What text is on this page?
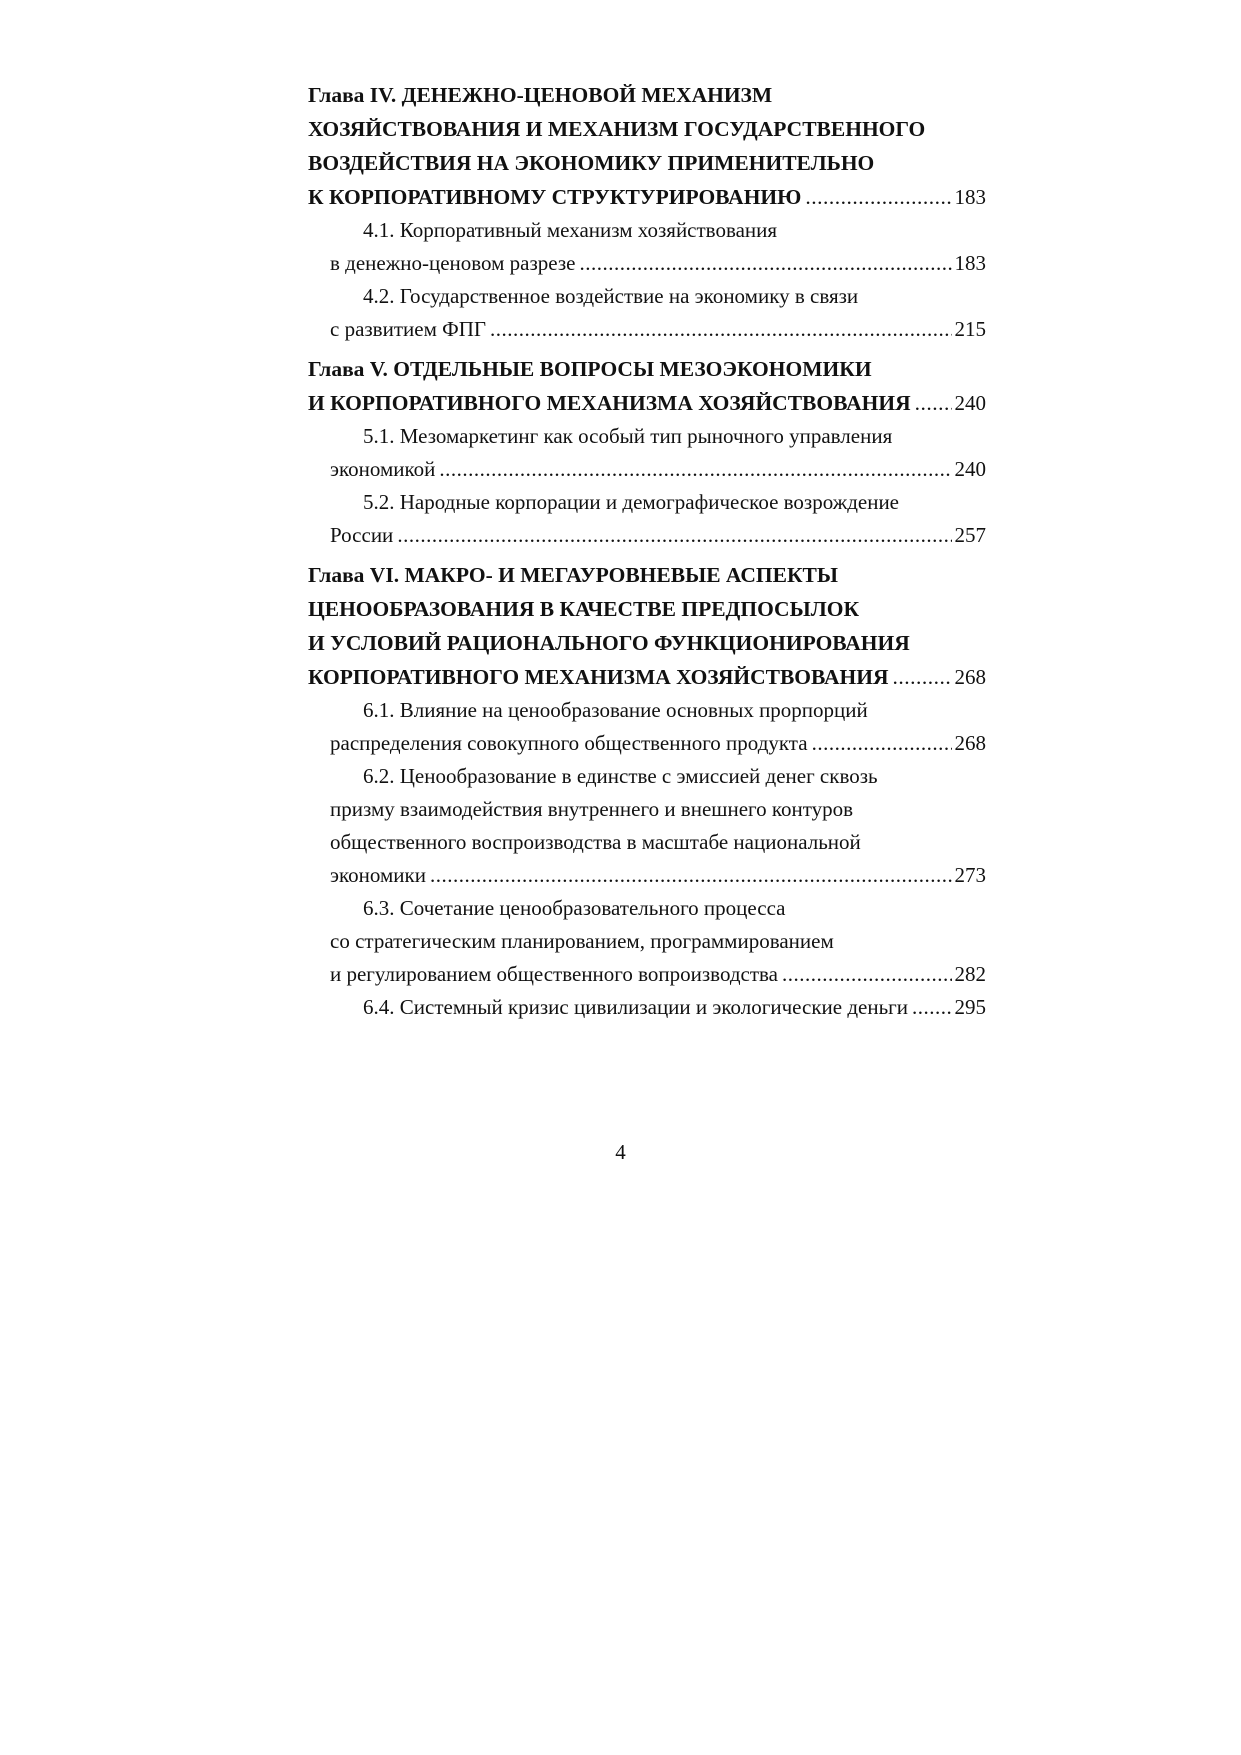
Глава IV. ДЕНЕЖНО-ЦЕНОВОЙ МЕХАНИЗМ
ХОЗЯЙСТВОВАНИЯ И МЕХАНИЗМ ГОСУДАРСТВЕННОГО
ВОЗДЕЙСТВИЯ НА ЭКОНОМИКУ ПРИМЕНИТЕЛЬНО
К КОРПОРАТИВНОМУ СТРУКТУРИРОВАНИЮ .....	183
4.1. Корпоративный механизм хозяйствования
в денежно-ценовом разрезе .....	183
4.2. Государственное воздействие на экономику в связи
с развитием ФПГ .....	215
Глава V. ОТДЕЛЬНЫЕ ВОПРОСЫ МЕЗОЭКОНОМИКИ
И КОРПОРАТИВНОГО МЕХАНИЗМА ХОЗЯЙСТВОВАНИЯ ..... 240
5.1. Мезомаркетинг как особый тип рыночного управления
экономикой .....	240
5.2. Народные корпорации и демографическое возрождение
России .....	257
Глава VI. МАКРО- И МЕГАУРОВНЕВЫЕ АСПЕКТЫ
ЦЕНООБРАЗОВАНИЯ В КАЧЕСТВЕ ПРЕДПОСЫЛОК
И УСЛОВИЙ РАЦИОНАЛЬНОГО ФУНКЦИОНИРОВАНИЯ
КОРПОРАТИВНОГО МЕХАНИЗМА ХОЗЯЙСТВОВАНИЯ .....	268
6.1. Влияние на ценообразование основных прорпорций
распределения совокупного общественного продукта .....	268
6.2. Ценообразование в единстве с эмиссией денег сквозь
призму взаимодействия внутреннего и внешнего контуров
общественного воспроизводства в масштабе национальной
экономики .....	273
6.3. Сочетание ценообразовательного процесса
со стратегическим планированием, программированием
и регулированием общественного вопроизводства .....	282
6.4. Системный кризис цивилизации и экологические деньги ..... 295
4
